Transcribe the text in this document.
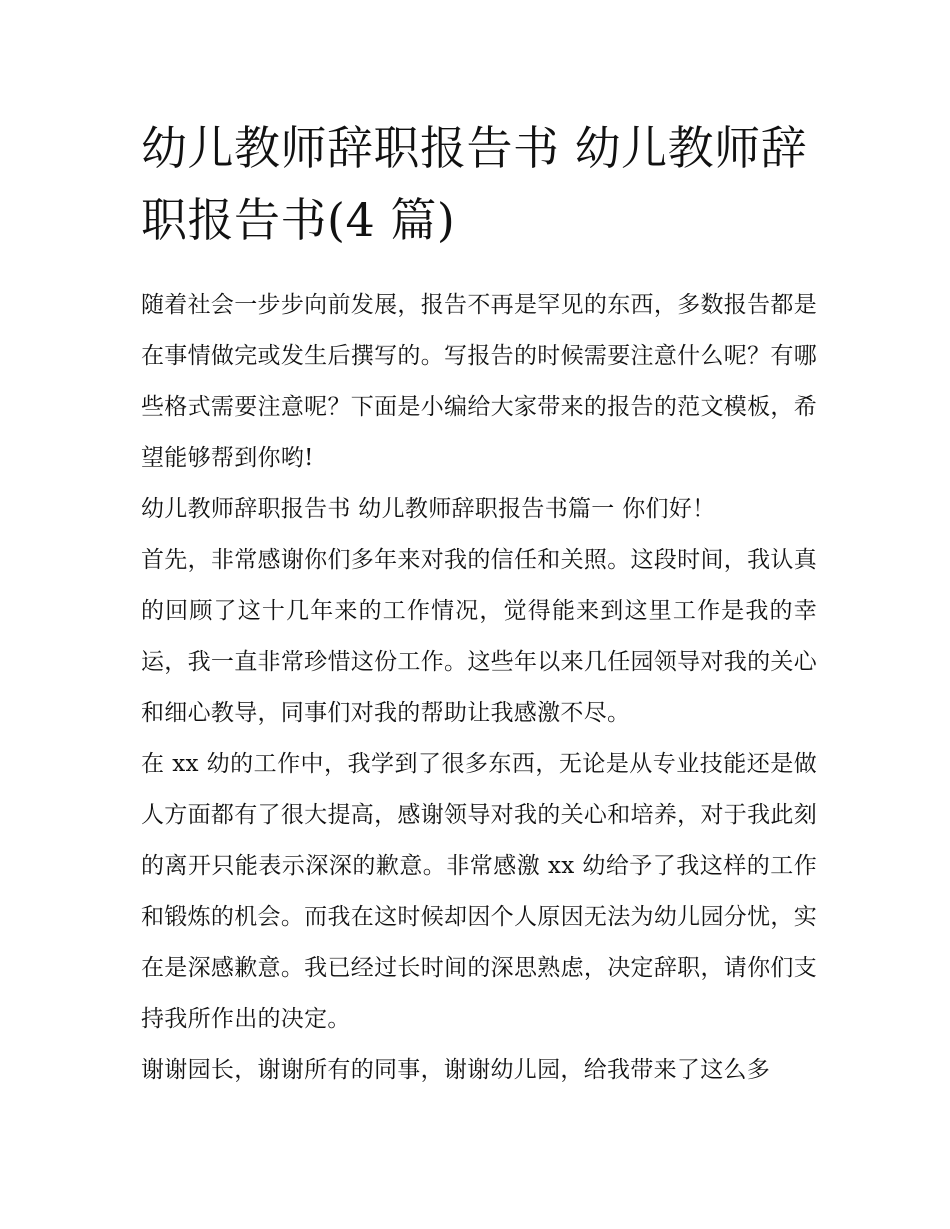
幼儿教师辞职报告书 幼儿教师辞职报告书(4 篇)

随着社会一步步向前发展，报告不再是罕见的东西，多数报告都是在事情做完或发生后撰写的。写报告的时候需要注意什么呢？有哪些格式需要注意呢？下面是小编给大家带来的报告的范文模板，希望能够帮到你哟!

幼儿教师辞职报告书 幼儿教师辞职报告书篇一 你们好！

首先，非常感谢你们多年来对我的信任和关照。这段时间，我认真的回顾了这十几年来的工作情况，觉得能来到这里工作是我的幸运，我一直非常珍惜这份工作。这些年以来几任园领导对我的关心和细心教导，同事们对我的帮助让我感激不尽。

在 xx 幼的工作中，我学到了很多东西，无论是从专业技能还是做人方面都有了很大提高，感谢领导对我的关心和培养，对于我此刻的离开只能表示深深的歉意。非常感激 xx 幼给予了我这样的工作和锻炼的机会。而我在这时候却因个人原因无法为幼儿园分忧，实在是深感歉意。我已经过长时间的深思熟虑，决定辞职，请你们支持我所作出的决定。

谢谢园长，谢谢所有的同事，谢谢幼儿园，给我带来了这么多
